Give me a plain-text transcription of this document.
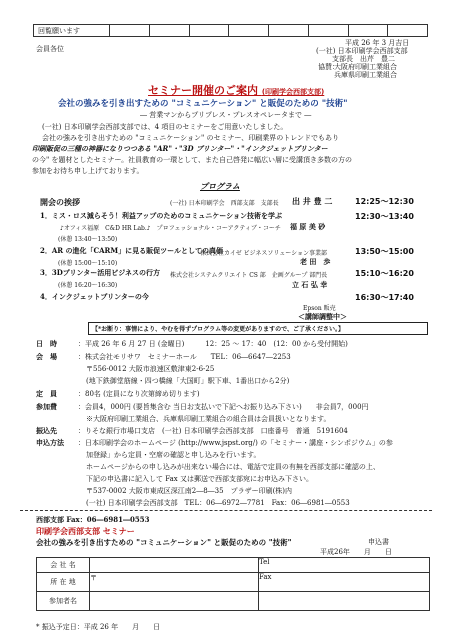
回覧願います								
会員各位
平成 26 年 3 月吉日
(一社) 日本印刷学会西部支部
支部長　出芹　豊二
協賛：
大阪府印刷工業組合
兵庫県印刷工業組合
セミナー開催のご案内 (印刷学会西部支部)
会社の強みを引き出すための "コミュニケーション" と販促のための "技術"
― 営業マンからプリプレス・プレスオペレータまで ―
(一社) 日本印刷学会西部支部では、4 項目のセミナーをご用意いたしました。
会社の強みを引き出すための "コミュニケーション" のセミナー、印刷業界のトレンドでもあり
印刷販促の三種の神器になりつつある "AR"・"3D プリンター"・"インクジェットプリンター
の今" を題材としたセミナー。社員教育の一環として、また自己啓発に幅広い層に受講頂き多数の方の
参加をお待ち申し上げております。
プログラム
開会の挨拶	(一社) 日本印刷学会　西部支部　支部長 出 井 豊 二	12:25～12:30
1．ミス・ロス減らそう！利益アップのためのコミュニケーション技術を学ぶ	12:30～13:40
♪オフィス福原　C&D HR Lab.♪　プロフェッショナル・コーアクティブ・コーチ 福 原 美 砂
(休憩 13:40～13:50)
2．AR の進化「CARM」に見る販促ツールとしての真価	13:50～15:00
株式会社カイゼ ビジネスソリューション事業部
老 田　歩
(休憩 15:00～15:10)
3．3Dプリンター活用ビジネスの行方	15:10～16:20
株式会社システムクリエイト CS 部　企画グループ 部門長
立 石 弘 幸
(休憩 16:20～16:30)
4．インクジェットプリンターの今	16:30～17:40
Epson 販売
＜講師調整中＞
【*お断り：事情により、やむを得ずプログラム等の変更がありますので、ご了承ください。】
日　時	：平成 26 年 6 月 27 日 (金曜日)　　　12：25 ～ 17：40　(12：00 から受付開始)
会　場	：株式会社モリサワ　セミナーホール　　TEL：06―6647―2253
〒556-0012 大阪市浪速区敷津東2-6-25
(地下鉄御堂筋線・四つ橋線「大国町」駅下車、1番出口から2分)
定　員	：80名 (定員になり次第締め切ります)
参加費	：会員4，000円 (要旨集含む 当日お支払いで下記へお振り込み下さい)　　非会員7，000円
※大阪府印刷工業組合、兵庫県印刷工業組合の組合員は会員扱いとなります。
振込先	：りそな銀行市場口支店　(一社) 日本印刷学会西部支部　口座番号　普通　5191604
申込方法 ：日本印刷学会のホームページ (http://www.jspst.org/) の「セミナー・講座・シンポジウム」の参
加登録」から定員・空席の確認と申し込みを行います。
ホームページからの申し込みが出来ない場合には、電話で定員の有無を西部支部に確認の上、
下記の申込書に記入して Fax 又は郵送で西部支部宛にお申込み下さい。
〒537-0002 大阪市東成区深江南2―8―35　プラザー印刷(株)内
(一社) 日本印刷学会西部支部　TEL：06―6972―7781　Fax：06―6981―0553
西部支部 Fax：06―6981―0553
印刷学会西部支部 セミナー
会社の強みを引き出すための "コミュニケーション" と販促のための "技術"	申込書
平成26年　　月　　日
会 社 名		Tel
所 在 地	〒	Fax
参加者名		
* 振込予定日：平成 26 年　　月　　日
